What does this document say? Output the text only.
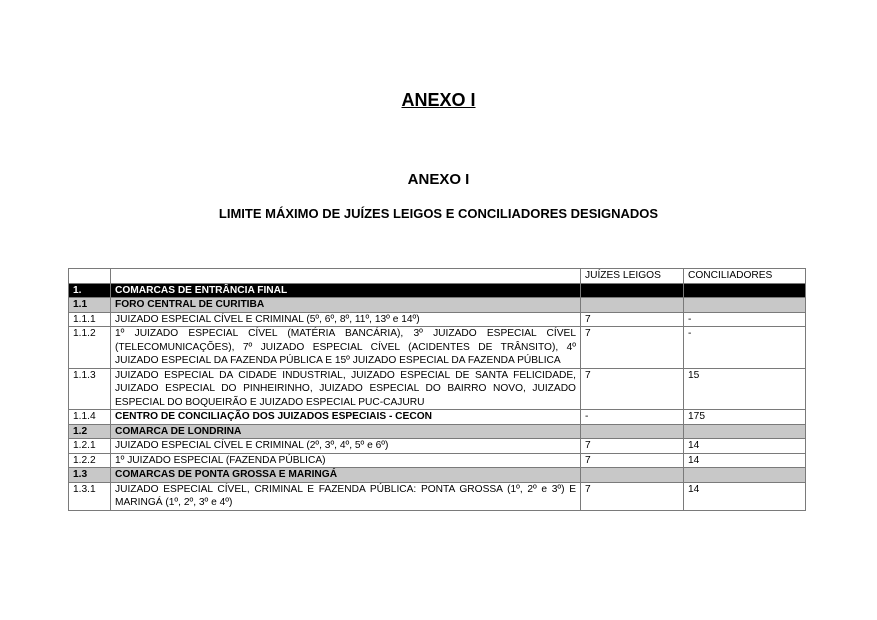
ANEXO I
ANEXO I
LIMITE MÁXIMO DE JUÍZES LEIGOS E CONCILIADORES DESIGNADOS
		JUÍZES LEIGOS	CONCILIADORES
1.	COMARCAS DE ENTRÂNCIA FINAL		
1.1	FORO CENTRAL DE CURITIBA		
1.1.1	JUIZADO ESPECIAL CÍVEL E CRIMINAL (5º, 6º, 8º, 11º, 13º e 14º)	7	-
1.1.2	1º JUIZADO ESPECIAL CÍVEL (MATÉRIA BANCÁRIA), 3º JUIZADO ESPECIAL CÍVEL (TELECOMUNICAÇÕES), 7º JUIZADO ESPECIAL CÍVEL (ACIDENTES DE TRÂNSITO), 4º JUIZADO ESPECIAL DA FAZENDA PÚBLICA E 15º JUIZADO ESPECIAL DA FAZENDA PÚBLICA	7	-
1.1.3	JUIZADO ESPECIAL DA CIDADE INDUSTRIAL, JUIZADO ESPECIAL DE SANTA FELICIDADE, JUIZADO ESPECIAL DO PINHEIRINHO, JUIZADO ESPECIAL DO BAIRRO NOVO, JUIZADO ESPECIAL DO BOQUEIRÃO E JUIZADO ESPECIAL PUC-CAJURU	7	15
1.1.4	CENTRO DE CONCILIAÇÃO DOS JUIZADOS ESPECIAIS - CECON	-	175
1.2	COMARCA DE LONDRINA		
1.2.1	JUIZADO ESPECIAL CÍVEL E CRIMINAL (2º, 3º, 4º, 5º e 6º)	7	14
1.2.2	1º JUIZADO ESPECIAL (FAZENDA PÚBLICA)	7	14
1.3	COMARCAS DE PONTA GROSSA E MARINGÁ		
1.3.1	JUIZADO ESPECIAL CÍVEL, CRIMINAL E FAZENDA PÚBLICA: PONTA GROSSA (1º, 2º e 3º) E MARINGÁ (1º, 2º, 3º e 4º)	7	14
